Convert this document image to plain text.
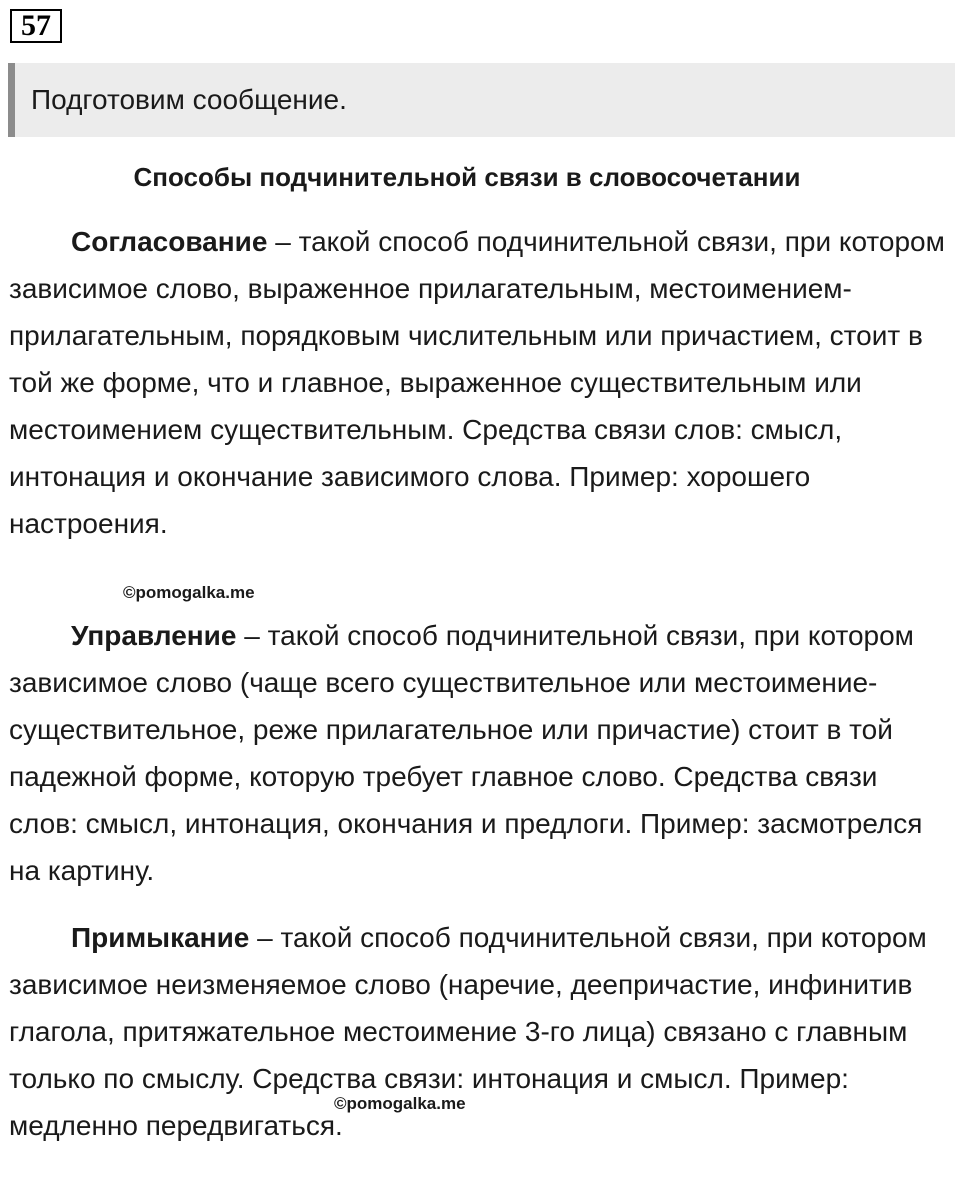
57
Подготовим сообщение.
Способы подчинительной связи в словосочетании

Согласование – такой способ подчинительной связи, при котором зависимое слово, выраженное прилагательным, местоимением-прилагательным, порядковым числительным или причастием, стоит в той же форме, что и главное, выраженное существительным или местоимением существительным. Средства связи слов: смысл, интонация и окончание зависимого слова. Пример: хорошего настроения.

©pomogalka.me

Управление – такой способ подчинительной связи, при котором зависимое слово (чаще всего существительное или местоимение-существительное, реже прилагательное или причастие) стоит в той падежной форме, которую требует главное слово. Средства связи слов: смысл, интонация, окончания и предлоги. Пример: засмотрелся на картину.

Примыкание – такой способ подчинительной связи, при котором зависимое неизменяемое слово (наречие, деепричастие, инфинитив глагола, притяжательное местоимение 3-го лица) связано с главным только по смыслу. Средства связи: интонация и смысл. Пример: медленно передвигаться.

©pomogalka.me
